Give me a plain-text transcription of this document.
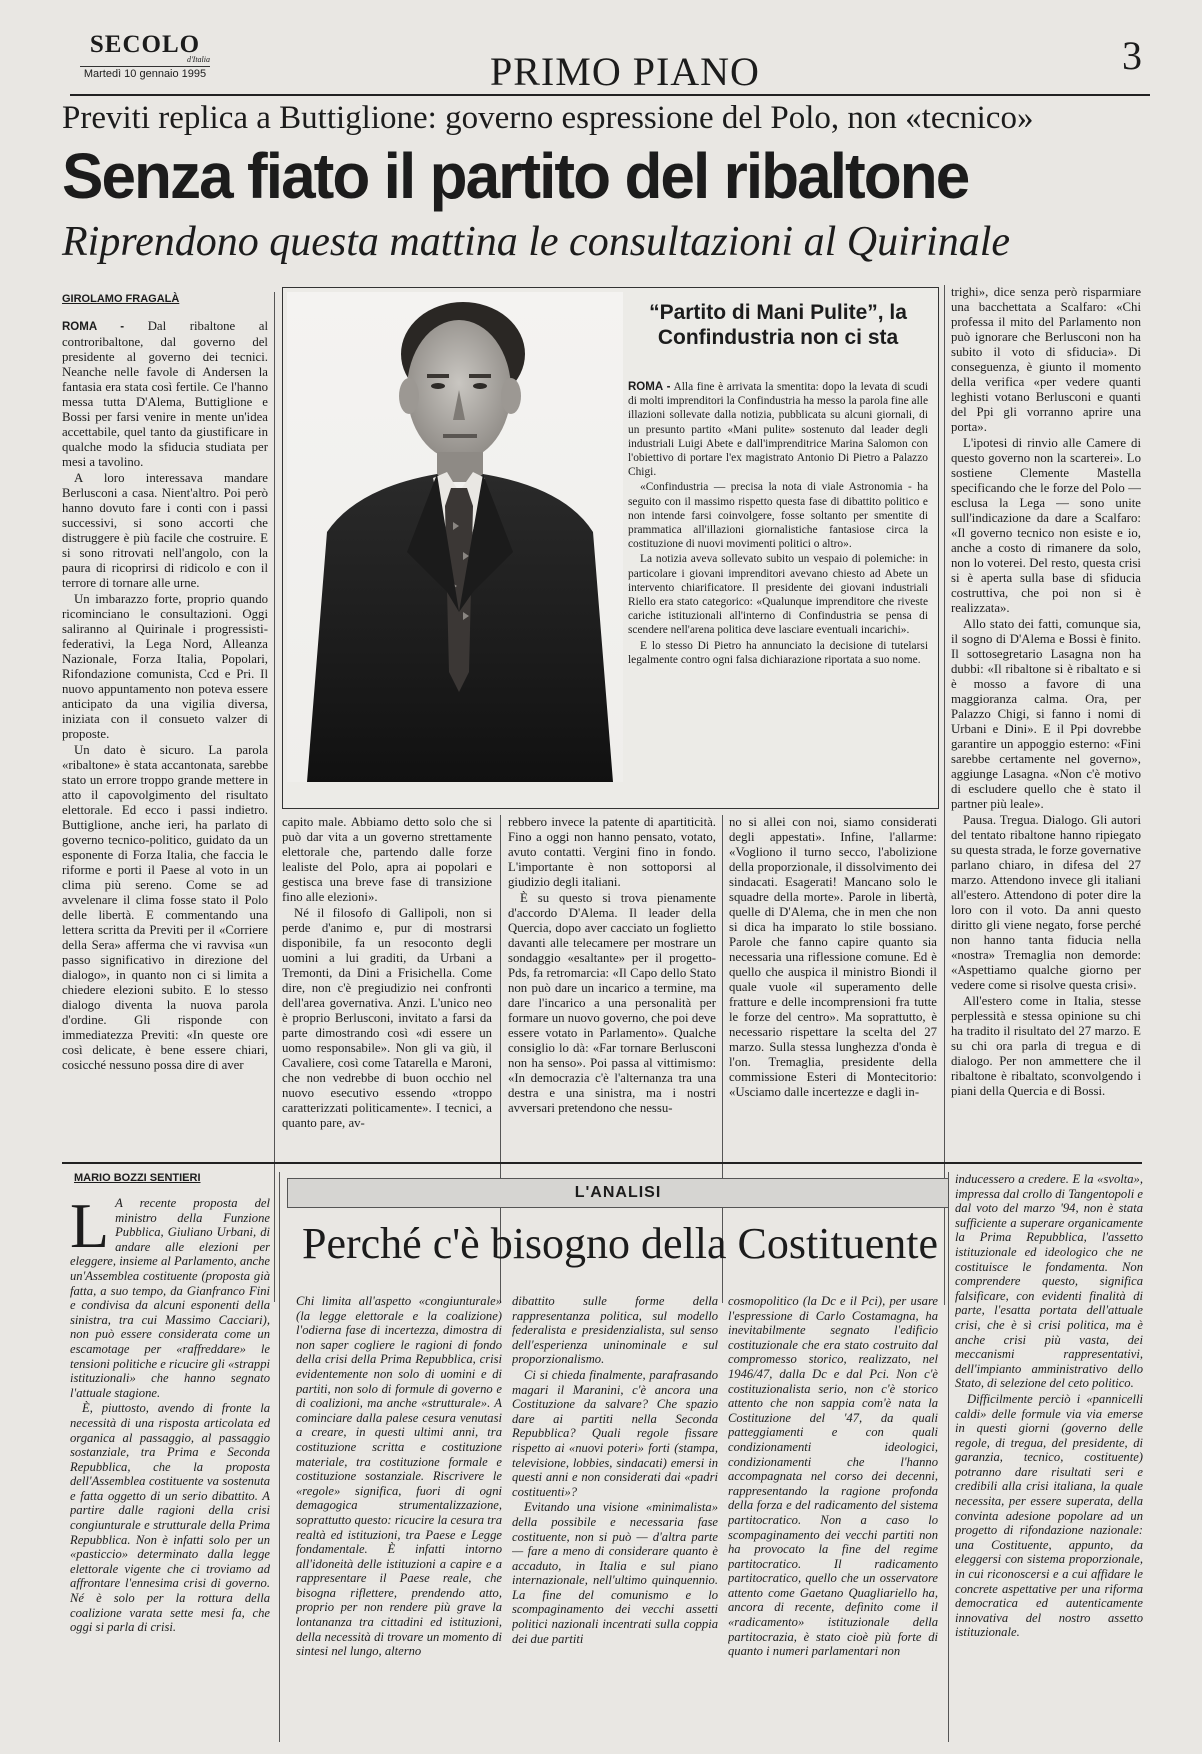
SECOLO
d'Italia
Martedì 10 gennaio 1995	PRIMO PIANO	3
Previti replica a Buttiglione: governo espressione del Polo, non «tecnico»
Senza fiato il partito del ribaltone
Riprendono questa mattina le consultazioni al Quirinale
GIROLAMO FRAGALÀ

ROMA - Dal ribaltone al controribaltone, dal governo del presidente al governo dei tecnici. Neanche nelle favole di Andersen la fantasia era stata così fertile. Ce l'hanno messa tutta D'Alema, Buttiglione e Bossi per farsi venire in mente un'idea accettabile, quel tanto da giustificare in qualche modo la sfiducia studiata per mesi a tavolino.

A loro interessava mandare Berlusconi a casa. Nient'altro. Poi però hanno dovuto fare i conti con i passi successivi, si sono accorti che distruggere è più facile che costruire. E si sono ritrovati nell'angolo, con la paura di ricoprirsi di ridicolo e con il terrore di tornare alle urne.

Un imbarazzo forte, proprio quando ricominciano le consultazioni. Oggi saliranno al Quirinale i progressisti-federativi, la Lega Nord, Alleanza Nazionale, Forza Italia, Popolari, Rifondazione comunista, Ccd e Pri. Il nuovo appuntamento non poteva essere anticipato da una vigilia diversa, iniziata con il consueto valzer di proposte.

Un dato è sicuro. La parola «ribaltone» è stata accantonata, sarebbe stato un errore troppo grande mettere in atto il capovolgimento del risultato elettorale. Ed ecco i passi indietro. Buttiglione, anche ieri, ha parlato di governo tecnico-politico, guidato da un esponente di Forza Italia, che faccia le riforme e porti il Paese al voto in un clima più sereno. Come se ad avvelenare il clima fosse stato il Polo delle libertà. E commentando una lettera scritta da Previti per il «Corriere della Sera» afferma che vi ravvisa «un passo significativo in direzione del dialogo», in quanto non ci si limita a chiedere elezioni subito. E lo stesso dialogo diventa la nuova parola d'ordine. Gli risponde con immediatezza Previti: «In queste ore così delicate, è bene essere chiari, cosicché nessuno possa dire di aver

“Partito di Mani Pulite”, la Confindustria non ci sta

ROMA - Alla fine è arrivata la smentita: dopo la levata di scudi di molti imprenditori la Confindustria ha messo la parola fine alle illazioni sollevate dalla notizia, pubblicata su alcuni giornali, di un presunto partito «Mani pulite» sostenuto dal leader degli industriali Luigi Abete e dall'imprenditrice Marina Salomon con l'obiettivo di portare l'ex magistrato Antonio Di Pietro a Palazzo Chigi.

«Confindustria — precisa la nota di viale Astronomia - ha seguito con il massimo rispetto questa fase di dibattito politico e non intende farsi coinvolgere, fosse soltanto per smentite di prammatica all'illazioni giornalistiche fantasiose circa la costituzione di nuovi movimenti politici o altro».

La notizia aveva sollevato subito un vespaio di polemiche: in particolare i giovani imprenditori avevano chiesto ad Abete un intervento chiarificatore. Il presidente dei giovani industriali Riello era stato categorico: «Qualunque imprenditore che riveste cariche istituzionali all'interno di Confindustria se pensa di scendere nell'arena politica deve lasciare eventuali incarichi».

E lo stesso Di Pietro ha annunciato la decisione di tutelarsi legalmente contro ogni falsa dichiarazione riportata a suo nome.

trighi», dice senza però risparmiare una bacchettata a Scalfaro: «Chi professa il mito del Parlamento non può ignorare che Berlusconi non ha subito il voto di sfiducia». Di conseguenza, è giunto il momento della verifica «per vedere quanti leghisti votano Berlusconi e quanti del Ppi gli vorranno aprire una porta».

L'ipotesi di rinvio alle Camere di questo governo non la scarterei». Lo sostiene Clemente Mastella specificando che le forze del Polo — esclusa la Lega — sono unite sull'indicazione da dare a Scalfaro: «Il governo tecnico non esiste e io, anche a costo di rimanere da solo, non lo voterei. Del resto, questa crisi si è aperta sulla base di sfiducia costruttiva, che poi non si è realizzata».

Allo stato dei fatti, comunque sia, il sogno di D'Alema e Bossi è finito. Il sottosegretario Lasagna non ha dubbi: «Il ribaltone si è ribaltato e si è mosso a favore di una maggioranza calma. Ora, per Palazzo Chigi, si fanno i nomi di Urbani e Dini». E il Ppi dovrebbe garantire un appoggio esterno: «Fini sarebbe certamente nel governo», aggiunge Lasagna. «Non c'è motivo di escludere quello che è stato il partner più leale».

Pausa. Tregua. Dialogo. Gli autori del tentato ribaltone hanno ripiegato su questa strada, le forze governative parlano chiaro, in difesa del 27 marzo. Attendono invece gli italiani all'estero. Attendono di poter dire la loro con il voto. Da anni questo diritto gli viene negato, forse perché non hanno tanta fiducia nella «nostra» Tremaglia non demorde: «Aspettiamo qualche giorno per vedere come si risolve questa crisi».

All'estero come in Italia, stesse perplessità e stessa opinione su chi ha tradito il risultato del 27 marzo. E su chi ora parla di tregua e di dialogo. Per non ammettere che il ribaltone è ribaltato, sconvolgendo i piani della Quercia e di Bossi.

capito male. Abbiamo detto solo che si può dar vita a un governo strettamente elettorale che, partendo dalle forze lealiste del Polo, apra ai popolari e gestisca una breve fase di transizione fino alle elezioni».

Né il filosofo di Gallipoli, non si perde d'animo e, pur di mostrarsi disponibile, fa un resoconto degli uomini a lui graditi, da Urbani a Tremonti, da Dini a Frisichella. Come dire, non c'è pregiudizio nei confronti dell'area governativa. Anzi. L'unico neo è proprio Berlusconi, invitato a farsi da parte dimostrando così «di essere un uomo responsabile». Non gli va giù, il Cavaliere, così come Tatarella e Maroni, che non vedrebbe di buon occhio nel nuovo esecutivo essendo «troppo caratterizzati politicamente». I tecnici, a quanto pare, av-

rebbero invece la patente di apartiticità. Fino a oggi non hanno pensato, votato, avuto contatti. Vergini fino in fondo. L'importante è non sottoporsi al giudizio degli italiani.

È su questo si trova pienamente d'accordo D'Alema. Il leader della Quercia, dopo aver cacciato un foglietto davanti alle telecamere per mostrare un sondaggio «esaltante» per il progetto-Pds, fa retromarcia: «Il Capo dello Stato non può dare un incarico a termine, ma dare l'incarico a una personalità per formare un nuovo governo, che poi deve essere votato in Parlamento». Qualche consiglio lo dà: «Far tornare Berlusconi non ha senso». Poi passa al vittimismo: «In democrazia c'è l'alternanza tra una destra e una sinistra, ma i nostri avversari pretendono che nessu-

no si allei con noi, siamo considerati degli appestati». Infine, l'allarme: «Vogliono il turno secco, l'abolizione della proporzionale, il dissolvimento dei sindacati. Esagerati! Mancano solo le squadre della morte». Parole in libertà, quelle di D'Alema, che in men che non si dica ha imparato lo stile bossiano. Parole che fanno capire quanto sia necessaria una riflessione comune. Ed è quello che auspica il ministro Biondi il quale vuole «il superamento delle fratture e delle incomprensioni fra tutte le forze del centro». Ma soprattutto, è necessario rispettare la scelta del 27 marzo. Sulla stessa lunghezza d'onda è l'on. Tremaglia, presidente della commissione Esteri di Montecitorio: «Usciamo dalle incertezze e dagli in-

MARIO BOZZI SENTIERI
L'ANALISI
Perché c'è bisogno della Costituente
L A recente proposta del ministro della Funzione Pubblica, Giuliano Urbani, di andare alle elezioni per eleggere, insieme al Parlamento, anche un'Assemblea costituente (proposta già fatta, a suo tempo, da Gianfranco Fini e condivisa da alcuni esponenti della sinistra, tra cui Massimo Cacciari), non può essere considerata come un escamotage per «raffreddare» le tensioni politiche e ricucire gli «strappi istituzionali» che hanno segnato l'attuale stagione.

È, piuttosto, avendo di fronte la necessità di una risposta articolata ed organica al passaggio, al passaggio sostanziale, tra Prima e Seconda Repubblica, che la proposta dell'Assemblea costituente va sostenuta e fatta oggetto di un serio dibattito. A partire dalle ragioni della crisi congiunturale e strutturale della Prima Repubblica. Non è infatti solo per un «pasticcio» determinato dalla legge elettorale vigente che ci troviamo ad affrontare l'ennesima crisi di governo. Né è solo per la rottura della coalizione varata sette mesi fa, che oggi si parla di crisi.

Chi limita all'aspetto «congiunturale» (la legge elettorale e la coalizione) l'odierna fase di incertezza, dimostra di non saper cogliere le ragioni di fondo della crisi della Prima Repubblica, crisi evidentemente non solo di uomini e di partiti, non solo di formule di governo e di coalizioni, ma anche «strutturale». A cominciare dalla palese cesura venutasi a creare, in questi ultimi anni, tra costituzione scritta e costituzione materiale, tra costituzione formale e costituzione sostanziale. Riscrivere le «regole» significa, fuori di ogni demagogica strumentalizzazione, soprattutto questo: ricucire la cesura tra realtà ed istituzioni, tra Paese e Legge fondamentale. È infatti intorno all'idoneità delle istituzioni a capire e a rappresentare il Paese reale, che bisogna riflettere, prendendo atto, proprio per non rendere più grave la lontananza tra cittadini ed istituzioni, della necessità di trovare un momento di sintesi nel lungo, alterno

dibattito sulle forme della rappresentanza politica, sul modello federalista e presidenzialista, sul senso dell'esperienza uninominale e sul proporzionalismo.

Ci si chieda finalmente, parafrasando magari il Maranini, c'è ancora una Costituzione da salvare? Che spazio dare ai partiti nella Seconda Repubblica? Quali regole fissare rispetto ai «nuovi poteri» forti (stampa, televisione, lobbies, sindacati) emersi in questi anni e non considerati dai «padri costituenti»?

Evitando una visione «minimalista» della possibile e necessaria fase costituente, non si può — d'altra parte — fare a meno di considerare quanto è accaduto, in Italia e sul piano internazionale, nell'ultimo quinquennio. La fine del comunismo e lo scompaginamento dei vecchi assetti politici nazionali incentrati sulla coppia dei due partiti

cosmopolitico (la Dc e il Pci), per usare l'espressione di Carlo Costamagna, ha inevitabilmente segnato l'edificio costituzionale che era stato costruito dal compromesso storico, realizzato, nel 1946/47, dalla Dc e dal Pci. Non c'è costituzionalista serio, non c'è storico attento che non sappia com'è nata la Costituzione del '47, da quali patteggiamenti e con quali condizionamenti ideologici, condizionamenti che l'hanno accompagnata nel corso dei decenni, rappresentando la ragione profonda della forza e del radicamento del sistema partitocratico. Non a caso lo scompaginamento dei vecchi partiti non ha provocato la fine del regime partitocratico. Il radicamento partitocratico, quello che un osservatore attento come Gaetano Quagliariello ha, ancora di recente, definito come il «radicamento» istituzionale della partitocrazia, è stato cioè più forte di quanto i numeri parlamentari non

inducessero a credere. E la «svolta», impressa dal crollo di Tangentopoli e dal voto del marzo '94, non è stata sufficiente a superare organicamente la Prima Repubblica, l'assetto istituzionale ed ideologico che ne costituisce le fondamenta. Non comprendere questo, significa falsificare, con evidenti finalità di parte, l'esatta portata dell'attuale crisi, che è sì crisi politica, ma è anche crisi più vasta, dei meccanismi rappresentativi, dell'impianto amministrativo dello Stato, di selezione del ceto politico.

Difficilmente perciò i «pannicelli caldi» delle formule via via emerse in questi giorni (governo delle regole, di tregua, del presidente, di garanzia, tecnico, costituente) potranno dare risultati seri e credibili alla crisi italiana, la quale necessita, per essere superata, della convinta adesione popolare ad un progetto di rifondazione nazionale: una Costituente, appunto, da eleggersi con sistema proporzionale, in cui riconoscersi e a cui affidare le concrete aspettative per una riforma democratica ed autenticamente innovativa del nostro assetto istituzionale.
